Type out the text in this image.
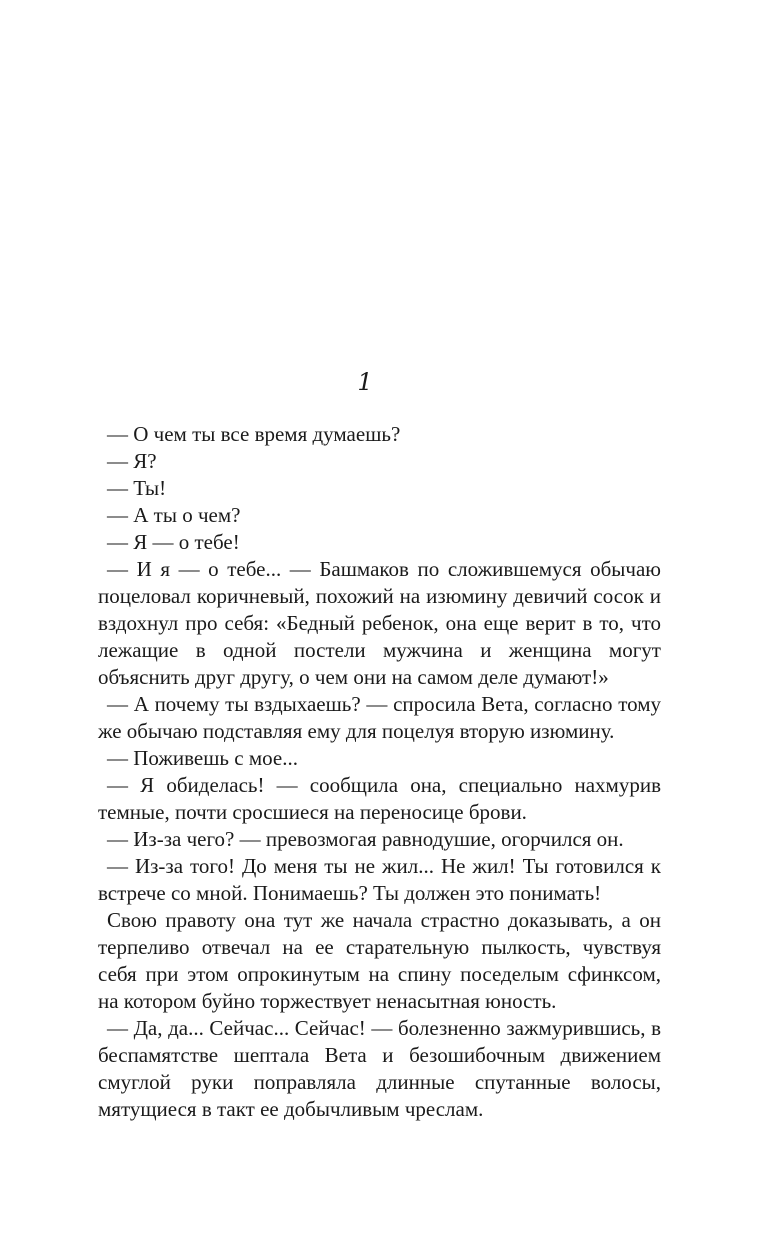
1

— О чем ты все время думаешь?

— Я?

— Ты!

— А ты о чем?

— Я — о тебе!

— И я — о тебе... — Башмаков по сложившемуся обычаю поцеловал коричневый, похожий на изюмину девичий сосок и вздохнул про себя: «Бедный ребенок, она еще верит в то, что лежащие в одной постели мужчина и женщина могут объяснить друг другу, о чем они на самом деле думают!»

— А почему ты вздыхаешь? — спросила Вета, согласно тому же обычаю подставляя ему для поцелуя вторую изюмину.

— Поживешь с мое...

— Я обиделась! — сообщила она, специально нахмурив темные, почти сросшиеся на переносице брови.

— Из-за чего? — превозмогая равнодушие, огорчился он.

— Из-за того! До меня ты не жил... Не жил! Ты готовился к встрече со мной. Понимаешь? Ты должен это понимать!

Свою правоту она тут же начала страстно доказывать, а он терпеливо отвечал на ее старательную пылкость, чувствуя себя при этом опрокинутым на спину поседелым сфинксом, на котором буйно торжествует ненасытная юность.

— Да, да... Сейчас... Сейчас! — болезненно зажмурившись, в беспамятстве шептала Вета и безошибочным движением смуглой руки поправляла длинные спутанные волосы, мятущиеся в такт ее добычливым чреслам.
